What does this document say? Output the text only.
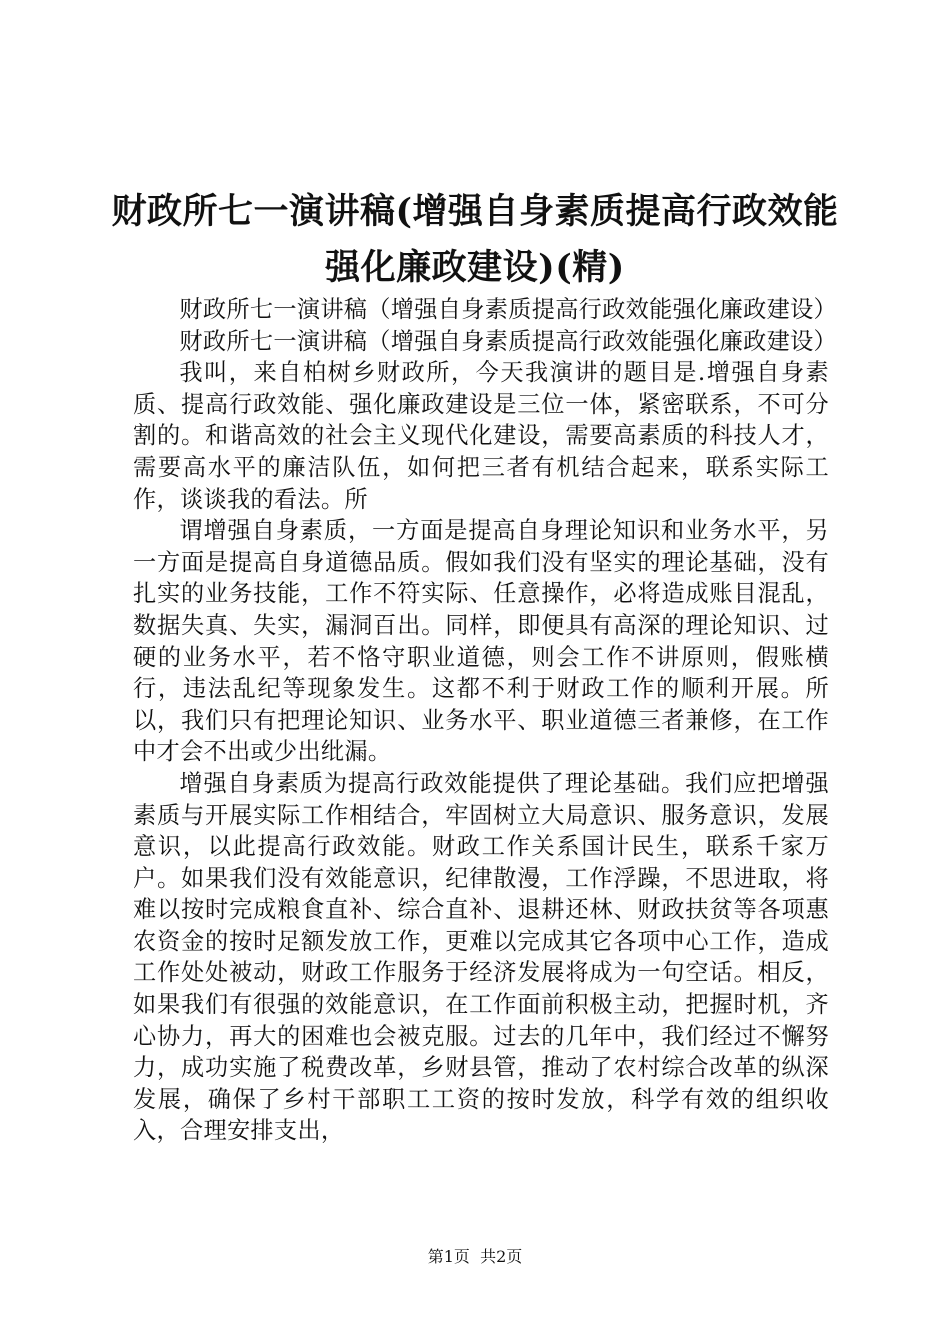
财政所七一演讲稿(增强自身素质提高行政效能强化廉政建设)(精)

财政所七一演讲稿（增强自身素质提高行政效能强化廉政建设）

财政所七一演讲稿（增强自身素质提高行政效能强化廉政建设）

我叫，来自柏树乡财政所，今天我演讲的题目是.增强自身素质、提高行政效能、强化廉政建设是三位一体，紧密联系，不可分割的。和谐高效的社会主义现代化建设，需要高素质的科技人才，需要高水平的廉洁队伍，如何把三者有机结合起来，联系实际工作，谈谈我的看法。所

谓增强自身素质，一方面是提高自身理论知识和业务水平，另一方面是提高自身道德品质。假如我们没有坚实的理论基础，没有扎实的业务技能，工作不符实际、任意操作，必将造成账目混乱，数据失真、失实，漏洞百出。同样，即便具有高深的理论知识、过硬的业务水平，若不恪守职业道德，则会工作不讲原则，假账横行，违法乱纪等现象发生。这都不利于财政工作的顺利开展。所以，我们只有把理论知识、业务水平、职业道德三者兼修，在工作中才会不出或少出纰漏。

增强自身素质为提高行政效能提供了理论基础。我们应把增强素质与开展实际工作相结合，牢固树立大局意识、服务意识，发展意识，以此提高行政效能。财政工作关系国计民生，联系千家万户。如果我们没有效能意识，纪律散漫，工作浮躁，不思进取，将难以按时完成粮食直补、综合直补、退耕还林、财政扶贫等各项惠农资金的按时足额发放工作，更难以完成其它各项中心工作，造成工作处处被动，财政工作服务于经济发展将成为一句空话。相反，如果我们有很强的效能意识，在工作面前积极主动，把握时机，齐心协力，再大的困难也会被克服。过去的几年中，我们经过不懈努力，成功实施了税费改革，乡财县管，推动了农村综合改革的纵深发展，确保了乡村干部职工工资的按时发放，科学有效的组织收入，合理安排支出，

第1页  共2页
